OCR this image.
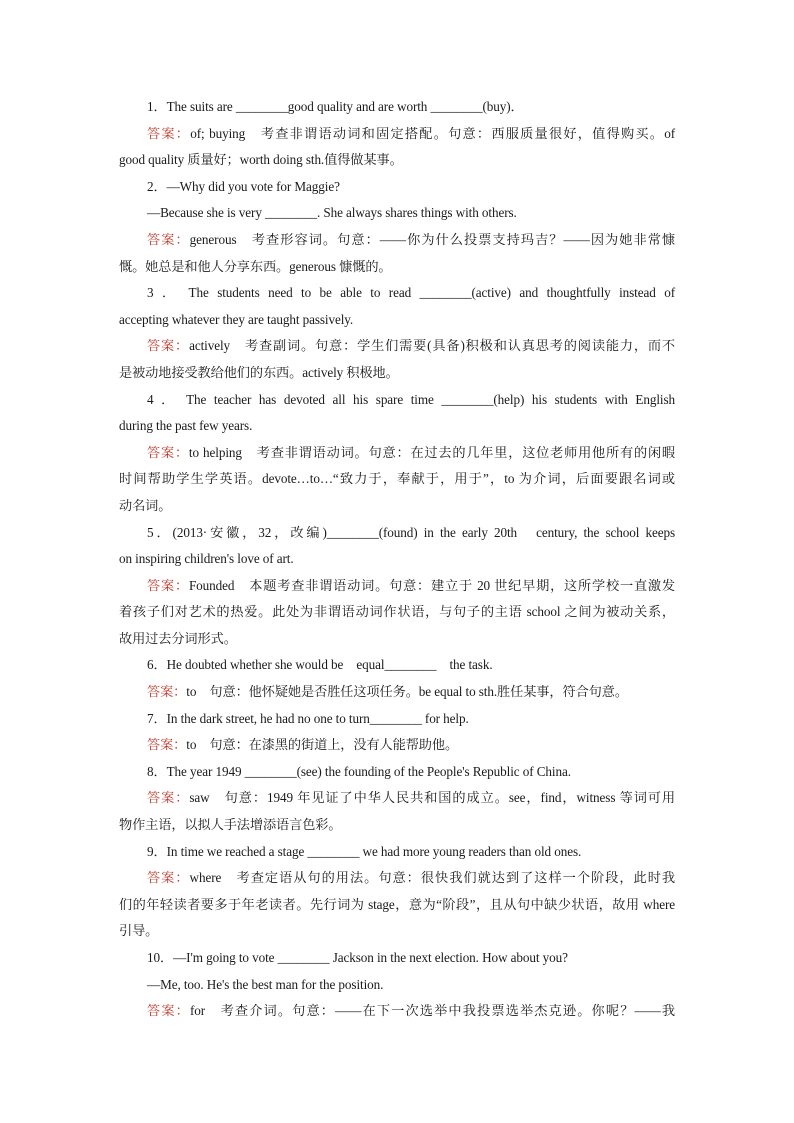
1．The suits are ________good quality and are worth ________(buy)．
答案：of; buying　考查非谓语动词和固定搭配。句意：西服质量很好，值得购买。of
good quality 质量好；worth doing sth.值得做某事。
2．—Why did you vote for Maggie?
—Because she is very ________. She always shares things with others.
答案：generous　考查形容词。句意：——你为什么投票支持玛吉？——因为她非常慷
慨。她总是和他人分享东西。generous 慷慨的。
3 ． The students need to be able to read ________(active) and thoughtfully instead of
accepting whatever they are taught passively.
答案：actively　考查副词。句意：学生们需要(具备)积极和认真思考的阅读能力，而不
是被动地接受教给他们的东西。actively 积极地。
4 ． The teacher has devoted all his spare time ________(help) his students with English
during the past few years.
答案：to helping　考查非谓语动词。句意：在过去的几年里，这位老师用他所有的闲暇
时间帮助学生学英语。devote…to…“致力于，奉献于，用于”，to 为介词，后面要跟名词或
动名词。
5．(2013·安徽，32，改编)________(found) in the early 20th　century, the school keeps
on inspiring children's love of art.
答案：Founded　本题考查非谓语动词。句意：建立于 20 世纪早期，这所学校一直激发
着孩子们对艺术的热爱。此处为非谓语动词作状语，与句子的主语 school 之间为被动关系，
故用过去分词形式。
6．He doubted whether she would be　equal________　the task.
答案：to　句意：他怀疑她是否胜任这项任务。be equal to sth.胜任某事，符合句意。
7．In the dark street, he had no one to turn________ for help.
答案：to　句意：在漆黑的街道上，没有人能帮助他。
8．The year 1949 ________(see) the founding of the People's Republic of China.
答案：saw　句意：1949 年见证了中华人民共和国的成立。see，find，witness 等词可用
物作主语，以拟人手法增添语言色彩。
9．In time we reached a stage ________ we had more young readers than old ones.
答案：where　考查定语从句的用法。句意：很快我们就达到了这样一个阶段，此时我
们的年轻读者要多于年老读者。先行词为 stage，意为“阶段”，且从句中缺少状语，故用 where
引导。
10．—I'm going to vote ________ Jackson in the next election. How about you?
—Me, too. He's the best man for the position.
答案：for　考查介词。句意：——在下一次选举中我投票选举杰克逊。你呢？——我
